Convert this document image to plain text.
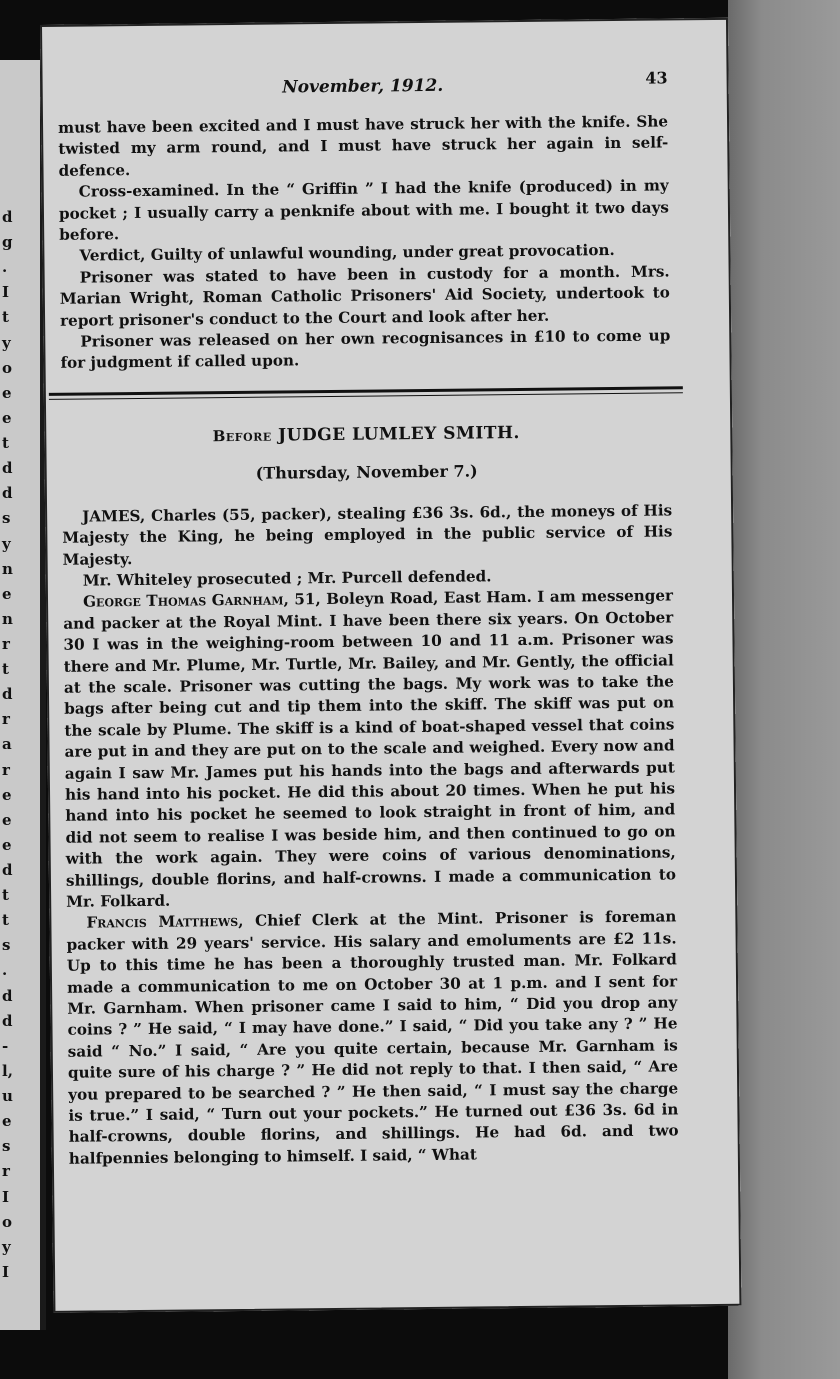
d
g
.
I
t
y
o
e
e
t
d
d
s
y
n
e
n
r
t
d
r
a
r
e
e
e
d
t
t
s
.
d
d
-
l,
u
e
s
r
I
o
y
I
November, 1912.	43

must have been excited and I must have struck her with the knife. She twisted my arm round, and I must have struck her again in self-defence.

Cross-examined. In the “ Griffin ” I had the knife (produced) in my pocket ; I usually carry a penknife about with me. I bought it two days before.

Verdict, Guilty of unlawful wounding, under great provocation.

Prisoner was stated to have been in custody for a month. Mrs. Marian Wright, Roman Catholic Prisoners' Aid Society, undertook to report prisoner's conduct to the Court and look after her.

Prisoner was released on her own recognisances in £10 to come up for judgment if called upon.

Before JUDGE LUMLEY SMITH.
(Thursday, November 7.)

JAMES, Charles (55, packer), stealing £36 3s. 6d., the moneys of His Majesty the King, he being employed in the public service of His Majesty.

Mr. Whiteley prosecuted ; Mr. Purcell defended.

George Thomas Garnham, 51, Boleyn Road, East Ham. I am messenger and packer at the Royal Mint. I have been there six years. On October 30 I was in the weighing-room between 10 and 11 a.m. Prisoner was there and Mr. Plume, Mr. Turtle, Mr. Bailey, and Mr. Gently, the official at the scale. Prisoner was cutting the bags. My work was to take the bags after being cut and tip them into the skiff. The skiff was put on the scale by Plume. The skiff is a kind of boat-shaped vessel that coins are put in and they are put on to the scale and weighed. Every now and again I saw Mr. James put his hands into the bags and afterwards put his hand into his pocket. He did this about 20 times. When he put his hand into his pocket he seemed to look straight in front of him, and did not seem to realise I was beside him, and then continued to go on with the work again. They were coins of various denominations, shillings, double florins, and half-crowns. I made a communication to Mr. Folkard.

Francis Matthews, Chief Clerk at the Mint. Prisoner is foreman packer with 29 years' service. His salary and emoluments are £2 11s. Up to this time he has been a thoroughly trusted man. Mr. Folkard made a communication to me on October 30 at 1 p.m. and I sent for Mr. Garnham. When prisoner came I said to him, “ Did you drop any coins ? ” He said, “ I may have done.” I said, “ Did you take any ? ” He said “ No.” I said, “ Are you quite certain, because Mr. Garnham is quite sure of his charge ? ” He did not reply to that. I then said, “ Are you prepared to be searched ? ” He then said, “ I must say the charge is true.” I said, “ Turn out your pockets.” He turned out £36 3s. 6d in half-crowns, double florins, and shillings. He had 6d. and two halfpennies belonging to himself. I said, “ What
